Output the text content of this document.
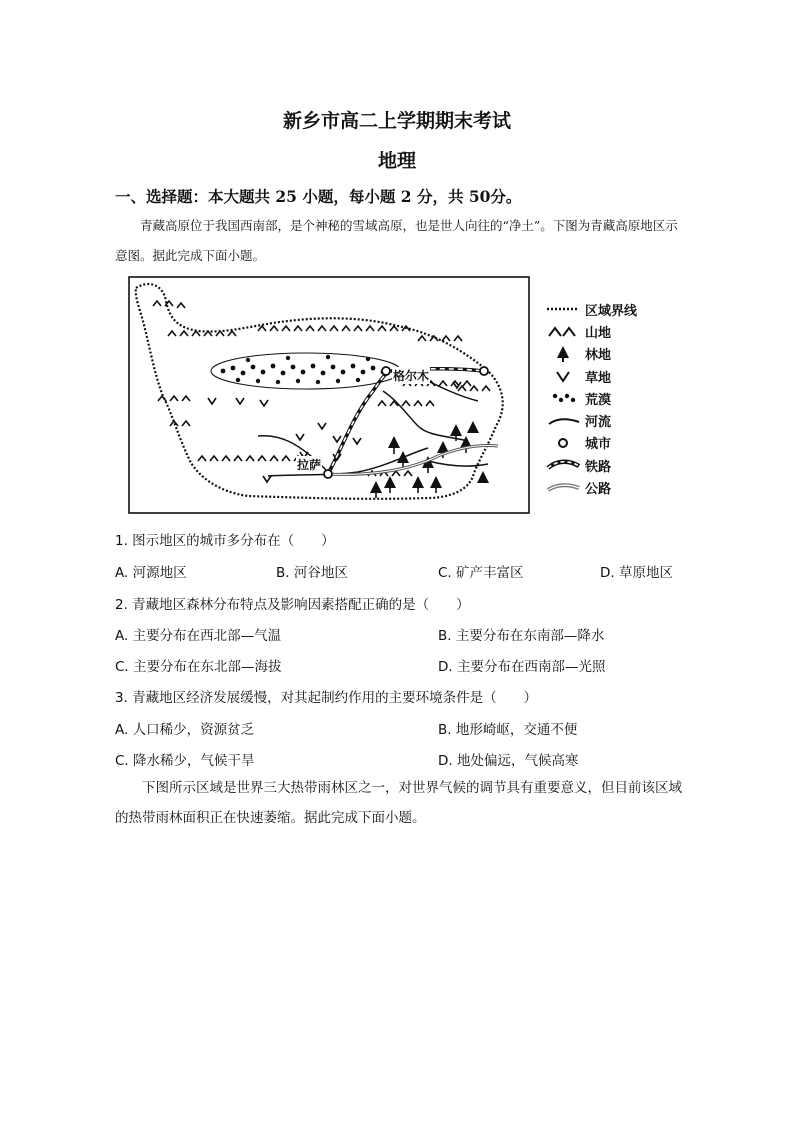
新乡市高二上学期期末考试
地理
一、选择题：本大题共 25 小题，每小题 2 分，共 50分。

青藏高原位于我国西南部，是个神秘的雪域高原，也是世人向往的“净土”。下图为青藏高原地区示意图。据此完成下面小题。

格尔木
拉萨
区域界线
山地
林地
草地
荒漠
河流
城市
铁路
公路
1. 图示地区的城市多分布在（　　）
A. 河源地区	B. 河谷地区	C. 矿产丰富区	D. 草原地区
2. 青藏地区森林分布特点及影响因素搭配正确的是（　　）
A. 主要分布在西北部—气温	B. 主要分布在东南部—降水
C. 主要分布在东北部—海拔	D. 主要分布在西南部—光照
3. 青藏地区经济发展缓慢，对其起制约作用的主要环境条件是（　　）
A. 人口稀少，资源贫乏	B. 地形崎岖，交通不便
C. 降水稀少，气候干旱	D. 地处偏远，气候高寒

下图所示区域是世界三大热带雨林区之一，对世界气候的调节具有重要意义，但目前该区域的热带雨林面积正在快速萎缩。据此完成下面小题。
